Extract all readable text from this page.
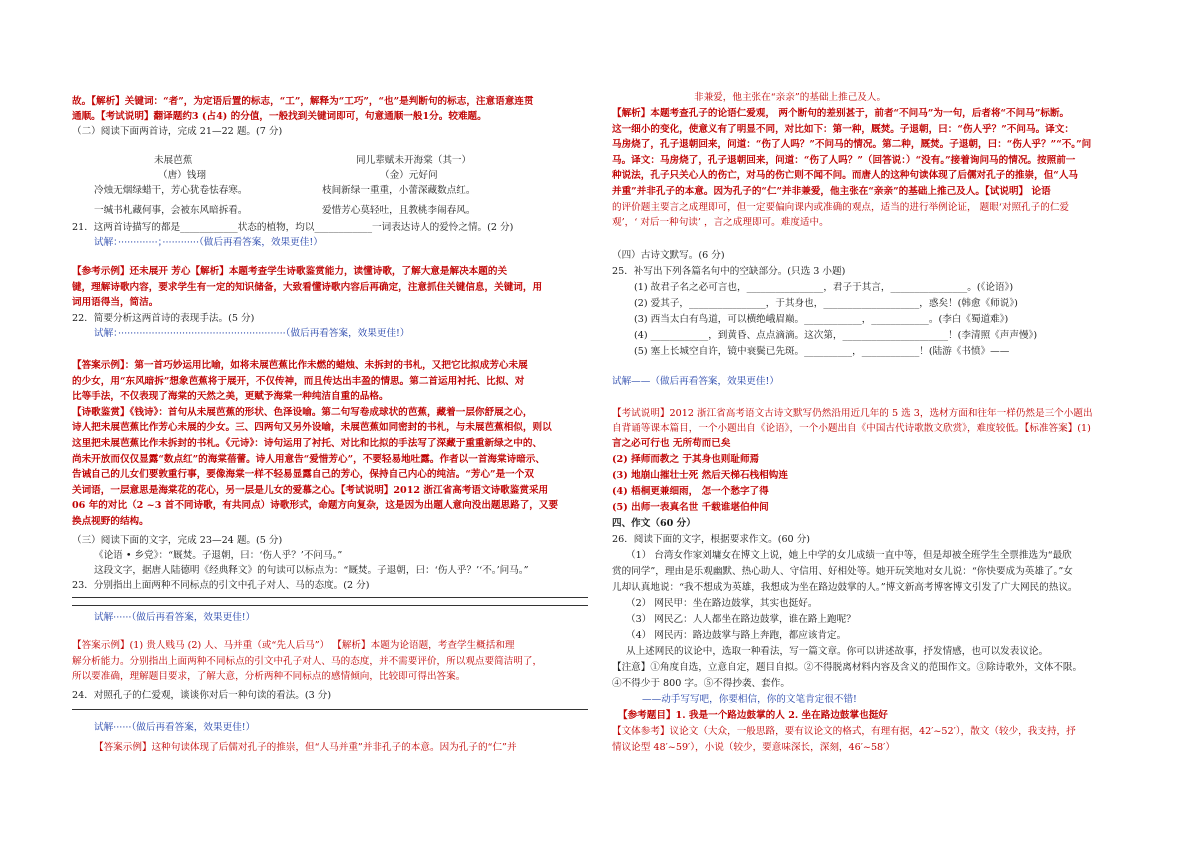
故。【解析】关键词：“者”，为定语后置的标志，“工”，解释为“工巧”，“也”是判断句的标志，注意语意连贯
通顺。【考试说明】翻译题约3 (占4) 的分值，一般找到关键词即可，句意通顺一般1分。较难题。
（二）阅读下面两首诗，完成 21—22 题。(7 分)
未展芭蕉
（唐）钱珝
冷烛无烟绿蜡干，芳心犹卷怯春寒。
一缄书札藏何事，会被东风暗拆看。
同儿辈赋未开海棠（其一）
（金）元好问
枝间新绿一重重，小蕾深藏数点红。
爱惜芳心莫轻吐，且教桃李闹春风。
21．这两首诗描写的都是____________状态的植物，均以____________一词表达诗人的爱怜之情。(2 分)
试解：·············；············（做后再看答案，效果更佳!）
【参考示例】还未展开 芳心【解析】本题考查学生诗歌鉴赏能力，读懂诗歌，了解大意是解决本题的关
键，理解诗歌内容，要求学生有一定的知识储备，大致看懂诗歌内容后再确定，注意抓住关键信息，关键词，用
词用语得当，简洁。
22．简要分析这两首诗的表现手法。(5 分)
试解：·······················································（做后再看答案，效果更佳!）
【答案示例】：第一首巧妙运用比喻，如将未展芭蕉比作未燃的蜡烛、未拆封的书札，又把它比拟成芳心未展
的少女，用“东风暗拆”想象芭蕉将于展开，不仅传神，而且传达出丰盈的情思。第二首运用衬托、比拟、对
比等手法，不仅表现了海棠的天然之美，更赋予海棠一种纯洁自重的品格。
【诗歌鉴赏】《钱诗》：首句从未展芭蕉的形状、色泽设喻。第二句写卷成球状的芭蕉，藏着一层你舒展之心，
诗人把未展芭蕉比作芳心未展的少女。三、四两句又另外设喻，未展芭蕉如同密封的书札，与未展芭蕉相似，则以
这里把未展芭蕉比作未拆封的书札。《元诗》：诗句运用了衬托、对比和比拟的手法写了深藏于重重新绿之中的、
尚未开放而仅仅显露“数点红”的海棠蓓蕾。诗人用意告“爱惜芳心”，不要轻易地吐露。作者以一首海棠诗暗示、
告诫自己的儿女们要敦重行事，要像海棠一样不轻易显露自己的芳心，保持自己内心的纯洁。“芳心”是一个双
关词语，一层意思是海棠花的花心，另一层是儿女的爱慕之心。【考试说明】2012 浙江省高考语文诗歌鉴赏采用
06 年的对比（2 ~3 首不同诗歌，有共同点）诗歌形式，命题方向复杂，这是因为出题人意向没出题思路了，又要
换点视野的结构。
（三）阅读下面的文字，完成 23—24 题。(5 分)
《论语 • 乡党》：“厩焚。子退朝，曰：‘伤人乎？’不问马。”
这段文字，据唐人陆德明《经典释文》的句读可以标点为：“厩焚。子退朝，曰：‘伤人乎？’‘不。’问马。”
23．分别指出上面两种不同标点的引文中孔子对人、马的态度。(2 分)
试解······（做后再看答案，效果更佳!）
【答案示例】(1) 贵人贱马 (2) 人、马并重（或“先人后马”） 【解析】本题为论语题，考查学生概括和理
解分析能力。分别指出上面两种不同标点的引文中孔子对人、马的态度，并不需要评价，所以观点要简洁明了，
所以要准确，理解题目要求，了解大意，分析两种不同标点的感情倾向，比较即可得出答案。
24．对照孔子的仁爱观，谈谈你对后一种句读的看法。(3 分)
试解······（做后再看答案，效果更佳!）
【答案示例】这种句读体现了后儒对孔子的推崇，但“人马并重”并非孔子的本意。因为孔子的“仁”并
非兼爱，他主张在“亲亲”的基础上推己及人。
【解析】本题考查孔子的论语仁爱观， 两个断句的差别甚于，前者“不问马”为一句，后者将“不问马”标断。
这一细小的变化，使意义有了明显不同，对比如下：第一种，厩焚。子退朝，曰：“伤人乎？”不问马。译文：
马房烧了，孔子退朝回来，问道：“伤了人吗？”不问马的情况。第二种，厩焚。子退朝，曰：“伤人乎？”“不。”问
马。译文：马房烧了，孔子退朝回来，问道：“伤了人吗？”（回答说：）“没有。”接着询问马的情况。按照前一
种说法，孔子只关心人的伤亡，对马的伤亡则不闻不问。而唐人的这种句读体现了后儒对孔子的推崇，但“人马
并重”并非孔子的本意。因为孔子的“仁”并非兼爱，他主张在“亲亲”的基础上推己及人。【试说明】 论语
的评价题主要言之成理即可，但一定要偏向课内或准确的观点，适当的进行举例论证， 题眼‘对照孔子的仁爱
观’，‘ 对后一种句读’ ，言之成理即可。难度适中。
（四）古诗文默写。(6 分)
25．补写出下列各篇名句中的空缺部分。(只选 3 小题)
(1) 故君子名之必可言也，________________，君子于其言，________________。(《论语》)
(2) 爱其子，________________，于其身也，____________________，惑矣！(韩愈《师说》)
(3) 西当太白有鸟道，可以横绝峨眉巅。____________，____________。(李白《蜀道难》)
(4) ____________，到黄昏、点点滴滴。这次第，______________________！(李清照《声声慢》)
(5) 塞上长城空自许，镜中衰鬓已先斑。__________，____________！(陆游《书愤》——
试解——（做后再看答案，效果更佳!）
【考试说明】2012 浙江省高考语文古诗文默写仍然沿用近几年的 5 选 3，选材方面和往年一样仍然是三个小题出
自背诵等课本篇目，一个小题出自《论语》，一个小题出自《中国古代诗歌散文欣赏》，难度较低。【标准答案】(1)
言之必可行也 无所苟而已矣
(2) 择师而教之 于其身也则耻师焉
(3) 地崩山摧壮士死 然后天梯石栈相钩连
(4) 梧桐更兼细雨， 怎一个愁字了得
(5) 出师一表真名世 千载谁堪伯仲间
四、作文（60 分）
26．阅读下面的文字，根据要求作文。(60 分)
（1） 台湾女作家刘墉女在博文上说，她上中学的女儿成绩一直中等，但是却被全班学生全票推选为“最欣
赏的同学”，理由是乐观幽默、热心助人、守信用、好相处等。她开玩笑地对女儿说：“你快要成为英雄了。”女
儿却认真地说：“我不想成为英雄，我想成为坐在路边鼓掌的人。”博文新高考博客博文引发了广大网民的热议。
（2） 网民甲：坐在路边鼓掌，其实也挺好。
（3） 网民乙：人人都坐在路边鼓掌，谁在路上跑呢？
（4） 网民丙：路边鼓掌与路上奔跑，都应该肯定。
从上述网民的议论中，选取一种看法，写一篇文章。你可以讲述故事，抒发情感，也可以发表议论。
【注意】①角度自选，立意自定，题目自拟。②不得脱离材料内容及含义的范围作文。③除诗歌外，文体不限。
④不得少于 800 字。⑤不得抄袭、套作。
——动手写写吧，你要相信，你的文笔肯定很不错!
【参考题目】1. 我是一个路边鼓掌的人 2. 坐在路边鼓掌也挺好
【文体参考】议论文（大众，一般思路，要有议论文的格式，有理有据，42′~52′），散文（较少，我支持，抒
情议论型 48′~59′），小说（较少，要意味深长，深刻，46′~58′）
